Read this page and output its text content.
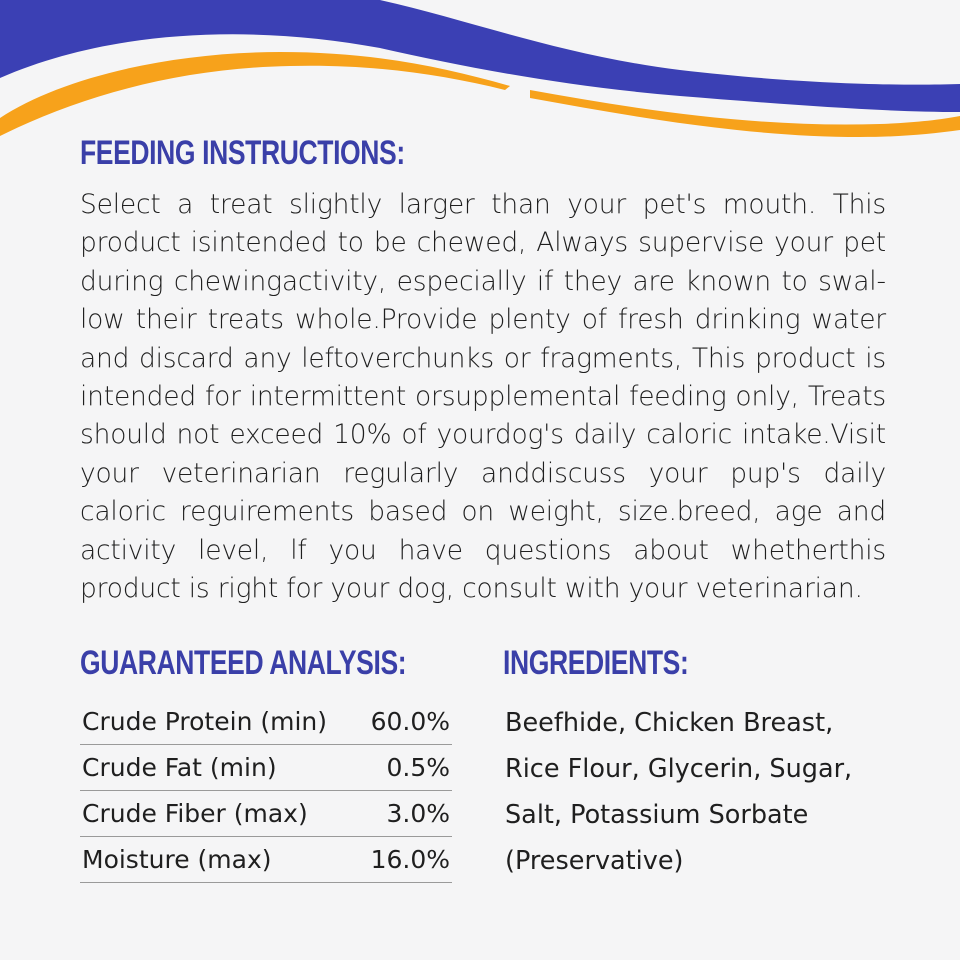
FEEDING INSTRUCTIONS:

Select a treat slightly larger than your pet's mouth. This product isintended to be chewed, Always supervise your pet during chewingactivity, especially if they are known to swallow their treats whole.Provide plenty of fresh drinking water and discard any leftoverchunks or fragments, This product is intended for intermittent orsupplemental feeding only, Treats should not exceed 10% of yourdog's daily caloric intake.Visit your veterinarian regularly anddiscuss your pup's daily caloric reguirements based on weight, size.breed, age and activity level, lf you have questions about whetherthis product is right for your dog, consult with your veterinarian.

GUARANTEED ANALYSIS:
Crude Protein (min)	60.0%
Crude Fat (min)	0.5%
Crude Fiber (max)	3.0%
Moisture (max)	16.0%
INGREDIENTS:

Beefhide, Chicken Breast,
Rice Flour, Glycerin, Sugar,
Salt, Potassium Sorbate
(Preservative)
